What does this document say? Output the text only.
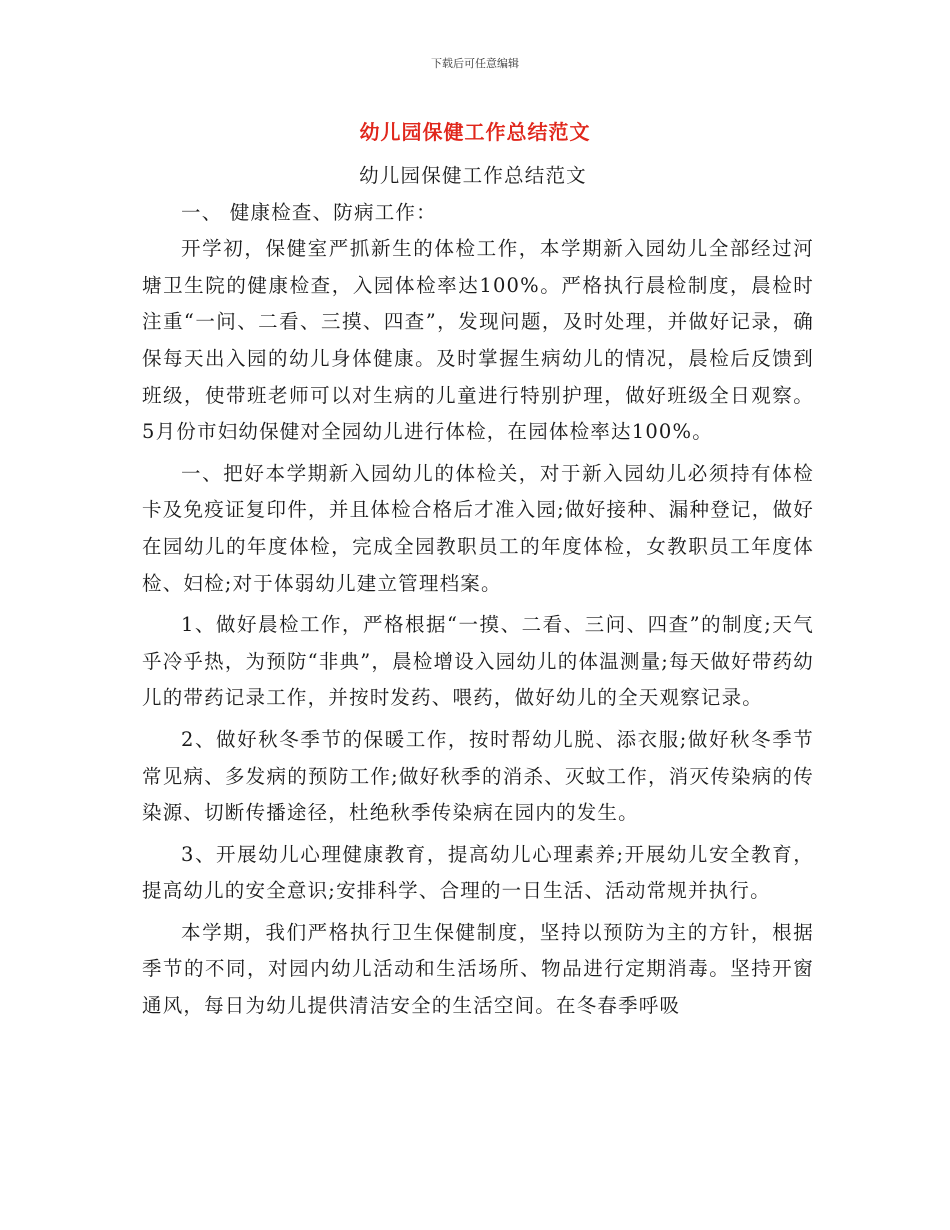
下载后可任意编辑
幼儿园保健工作总结范文

幼儿园保健工作总结范文

一、 健康检查、防病工作：

开学初，保健室严抓新生的体检工作，本学期新入园幼儿全部经过河塘卫生院的健康检查，入园体检率达100%。严格执行晨检制度，晨检时注重“一问、二看、三摸、四查”，发现问题，及时处理，并做好记录，确保每天出入园的幼儿身体健康。及时掌握生病幼儿的情况，晨检后反馈到班级，使带班老师可以对生病的儿童进行特别护理，做好班级全日观察。5月份市妇幼保健对全园幼儿进行体检，在园体检率达100%。

一、把好本学期新入园幼儿的体检关，对于新入园幼儿必须持有体检卡及免疫证复印件，并且体检合格后才准入园;做好接种、漏种登记，做好在园幼儿的年度体检，完成全园教职员工的年度体检，女教职员工年度体检、妇检;对于体弱幼儿建立管理档案。

1、做好晨检工作，严格根据“一摸、二看、三问、四查”的制度;天气乎冷乎热，为预防“非典”，晨检增设入园幼儿的体温测量;每天做好带药幼儿的带药记录工作，并按时发药、喂药，做好幼儿的全天观察记录。

2、做好秋冬季节的保暖工作，按时帮幼儿脱、添衣服;做好秋冬季节常见病、多发病的预防工作;做好秋季的消杀、灭蚊工作，消灭传染病的传染源、切断传播途径，杜绝秋季传染病在园内的发生。

3、开展幼儿心理健康教育，提高幼儿心理素养;开展幼儿安全教育，提高幼儿的安全意识;安排科学、合理的一日生活、活动常规并执行。

本学期，我们严格执行卫生保健制度，坚持以预防为主的方针，根据季节的不同，对园内幼儿活动和生活场所、物品进行定期消毒。坚持开窗通风，每日为幼儿提供清洁安全的生活空间。在冬春季呼吸
